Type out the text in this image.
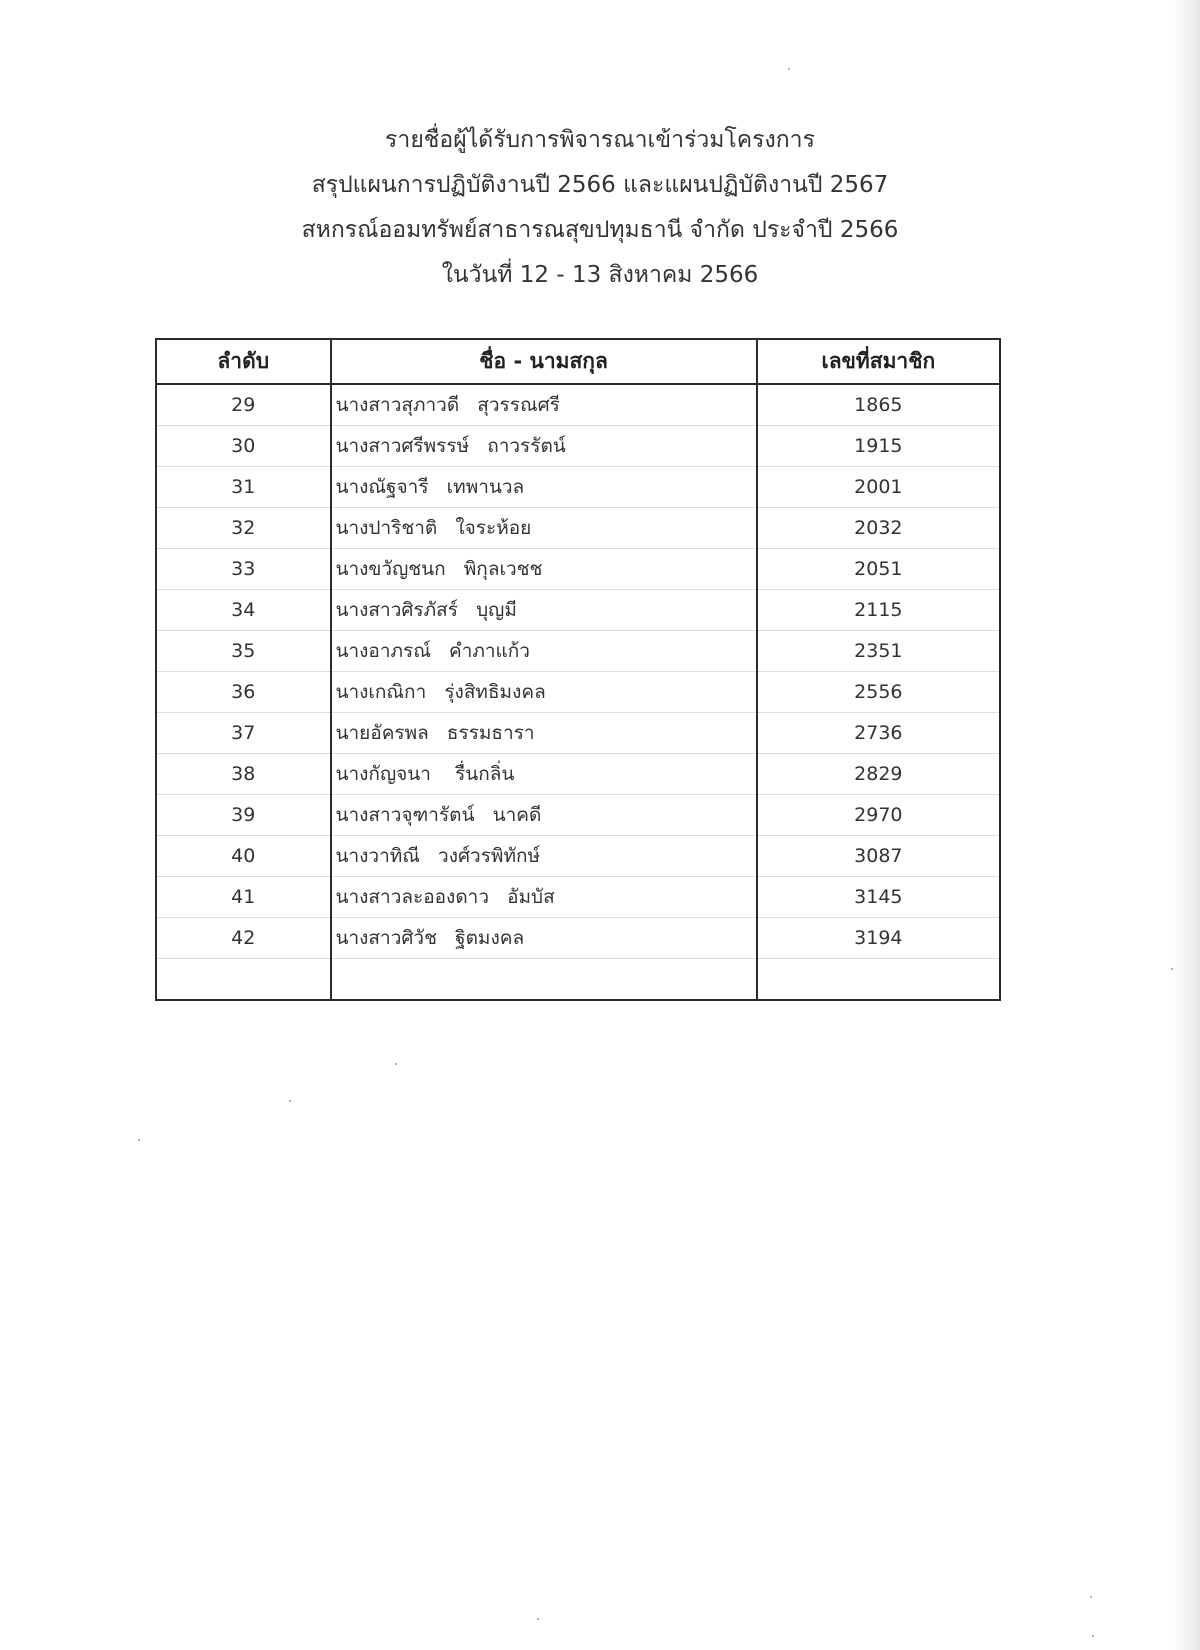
รายชื่อผู้ได้รับการพิจารณาเข้าร่วมโครงการ
สรุปแผนการปฏิบัติงานปี 2566 และแผนปฏิบัติงานปี 2567
สหกรณ์ออมทรัพย์สาธารณสุขปทุมธานี จำกัด ประจำปี 2566
ในวันที่ 12 - 13 สิงหาคม 2566
ลำดับ	ชื่อ - นามสกุล	เลขที่สมาชิก
29	นางสาวสุภาวดี   สุวรรณศรี	1865
30	นางสาวศรีพรรษ์   ถาวรรัตน์	1915
31	นางณัฐจารี   เทพานวล	2001
32	นางปาริชาติ   ใจระห้อย	2032
33	นางขวัญชนก   พิกุลเวชช	2051
34	นางสาวศิรภัสร์   บุญมี	2115
35	นางอาภรณ์   คำภาแก้ว	2351
36	นางเกณิกา   รุ่งสิทธิมงคล	2556
37	นายอัครพล   ธรรมธารา	2736
38	นางกัญจนา    รื่นกลิ่น	2829
39	นางสาวจุฑารัตน์   นาคดี	2970
40	นางวาทิณี   วงศ์วรพิทักษ์	3087
41	นางสาวละอองดาว   อัมบัส	3145
42	นางสาวศิวัช   ฐิตมงคล	3194
